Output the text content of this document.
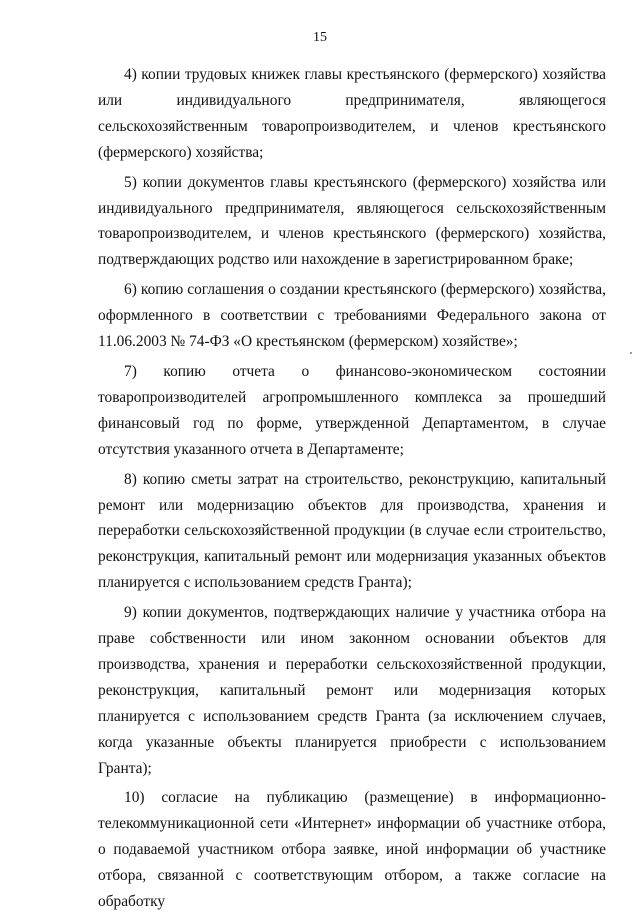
15

4) копии трудовых книжек главы крестьянского (фермерского) хозяйства или индивидуального предпринимателя, являющегося сельскохозяйственным товаропроизводителем, и членов крестьянского (фермерского) хозяйства;

5) копии документов главы крестьянского (фермерского) хозяйства или индивидуального предпринимателя, являющегося сельскохозяйственным товаропроизводителем, и членов крестьянского (фермерского) хозяйства, подтверждающих родство или нахождение в зарегистрированном браке;

6) копию соглашения о создании крестьянского (фермерского) хозяйства, оформленного в соответствии с требованиями Федерального закона от 11.06.2003 № 74-ФЗ «О крестьянском (фермерском) хозяйстве»;

7) копию отчета о финансово-экономическом состоянии товаропроизводителей агропромышленного комплекса за прошедший финансовый год по форме, утвержденной Департаментом, в случае отсутствия указанного отчета в Департаменте;

8) копию сметы затрат на строительство, реконструкцию, капитальный ремонт или модернизацию объектов для производства, хранения и переработки сельскохозяйственной продукции (в случае если строительство, реконструкция, капитальный ремонт или модернизация указанных объектов планируется с использованием средств Гранта);

9) копии документов, подтверждающих наличие у участника отбора на праве собственности или ином законном основании объектов для производства, хранения и переработки сельскохозяйственной продукции, реконструкция, капитальный ремонт или модернизация которых планируется с использованием средств Гранта (за исключением случаев, когда указанные объекты планируется приобрести с использованием Гранта);

10) согласие на публикацию (размещение) в информационно-телекоммуникационной сети «Интернет» информации об участнике отбора, о подаваемой участником отбора заявке, иной информации об участнике отбора, связанной с соответствующим отбором, а также согласие на обработку
